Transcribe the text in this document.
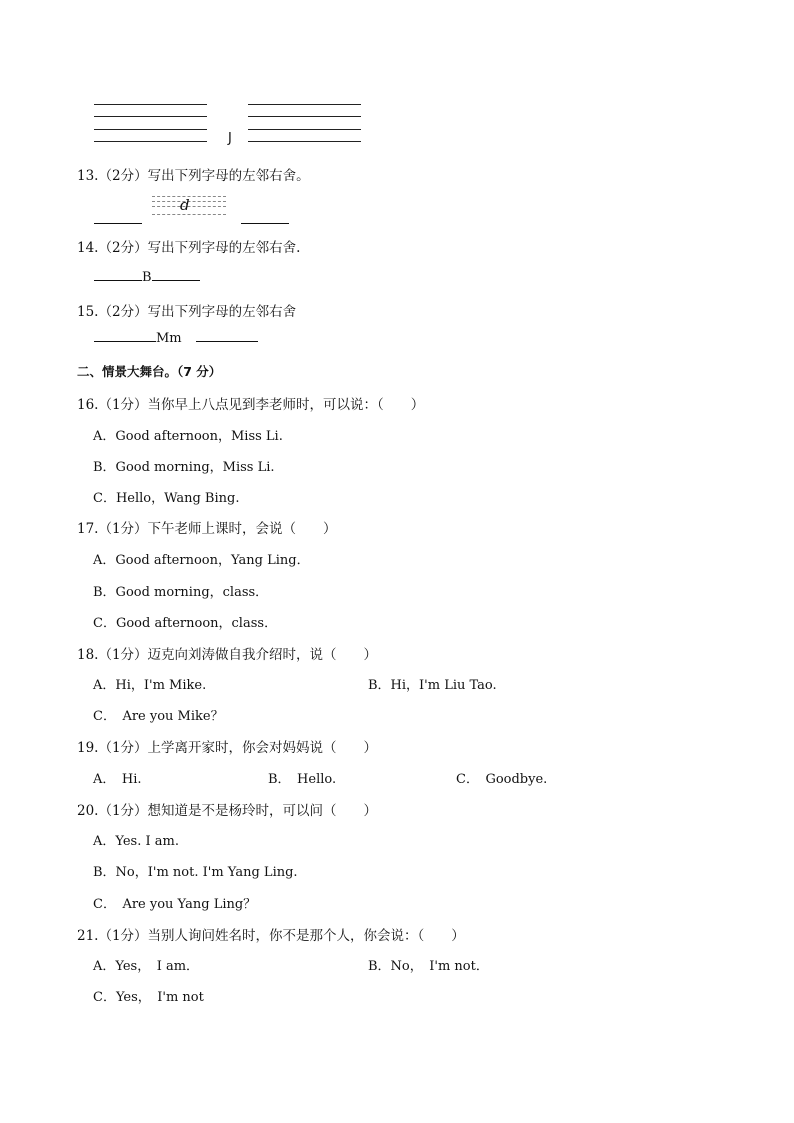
J
13.（2分）写出下列字母的左邻右舍。
d
14.（2分）写出下列字母的左邻右舍.
B
15.（2分）写出下列字母的左邻右舍
Mm
二、情景大舞台。（7 分）
16.（1分）当你早上八点见到李老师时，可以说：（　　）
A．Good afternoon，Miss Li.
B．Good morning，Miss Li.
C．Hello，Wang Bing.
17.（1分）下午老师上课时，会说（　　）
A．Good afternoon，Yang Ling．
B．Good morning，class．
C．Good afternoon，class．
18.（1分）迈克向刘涛做自我介绍时，说（　　）
A．Hi，I'm Mike.	B．Hi，I'm Liu Tao.
C．　Are you Mike？
19.（1分）上学离开家时，你会对妈妈说（　　）
A．　Hi.	B．　Hello.	C．　Goodbye.
20.（1分）想知道是不是杨玲时，可以问（　　）
A．Yes. I am.
B．No，I'm not. I'm Yang Ling.
C．　Are you Yang Ling？
21.（1分）当别人询问姓名时，你不是那个人，你会说：（　　）
A．Yes，　I am．	B．No，　I'm not．
C．Yes，　I'm not
